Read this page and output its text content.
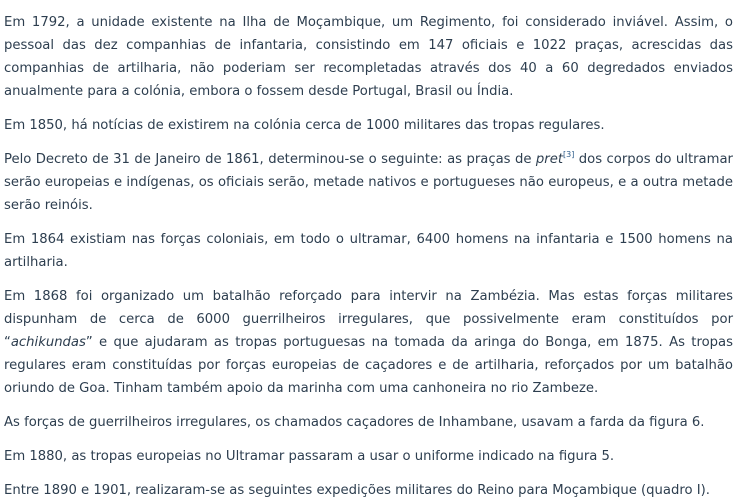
Em 1792, a unidade existente na Ilha de Moçambique, um Regimento, foi considerado inviável. Assim, o pessoal das dez companhias de infantaria, consistindo em 147 oficiais e 1022 praças, acrescidas das companhias de artilharia, não poderiam ser recompletadas através dos 40 a 60 degredados enviados anualmente para a colónia, embora o fossem desde Portugal, Brasil ou Índia.

Em 1850, há notícias de existirem na colónia cerca de 1000 militares das tropas regulares.

Pelo Decreto de 31 de Janeiro de 1861, determinou-se o seguinte: as praças de pret[3] dos corpos do ultramar serão europeias e indígenas, os oficiais serão, metade nativos e portugueses não europeus, e a outra metade serão reinóis.

Em 1864 existiam nas forças coloniais, em todo o ultramar, 6400 homens na infantaria e 1500 homens na artilharia.

Em 1868 foi organizado um batalhão reforçado para intervir na Zambézia. Mas estas forças militares dispunham de cerca de 6000 guerrilheiros irregulares, que possivelmente eram constituídos por “achikundas” e que ajudaram as tropas portuguesas na tomada da aringa do Bonga, em 1875. As tropas regulares eram constituídas por forças europeias de caçadores e de artilharia, reforçados por um batalhão oriundo de Goa. Tinham também apoio da marinha com uma canhoneira no rio Zambeze.

As forças de guerrilheiros irregulares, os chamados caçadores de Inhambane, usavam a farda da figura 6.

Em 1880, as tropas europeias no Ultramar passaram a usar o uniforme indicado na figura 5.

Entre 1890 e 1901, realizaram-se as seguintes expedições militares do Reino para Moçambique (quadro I).
